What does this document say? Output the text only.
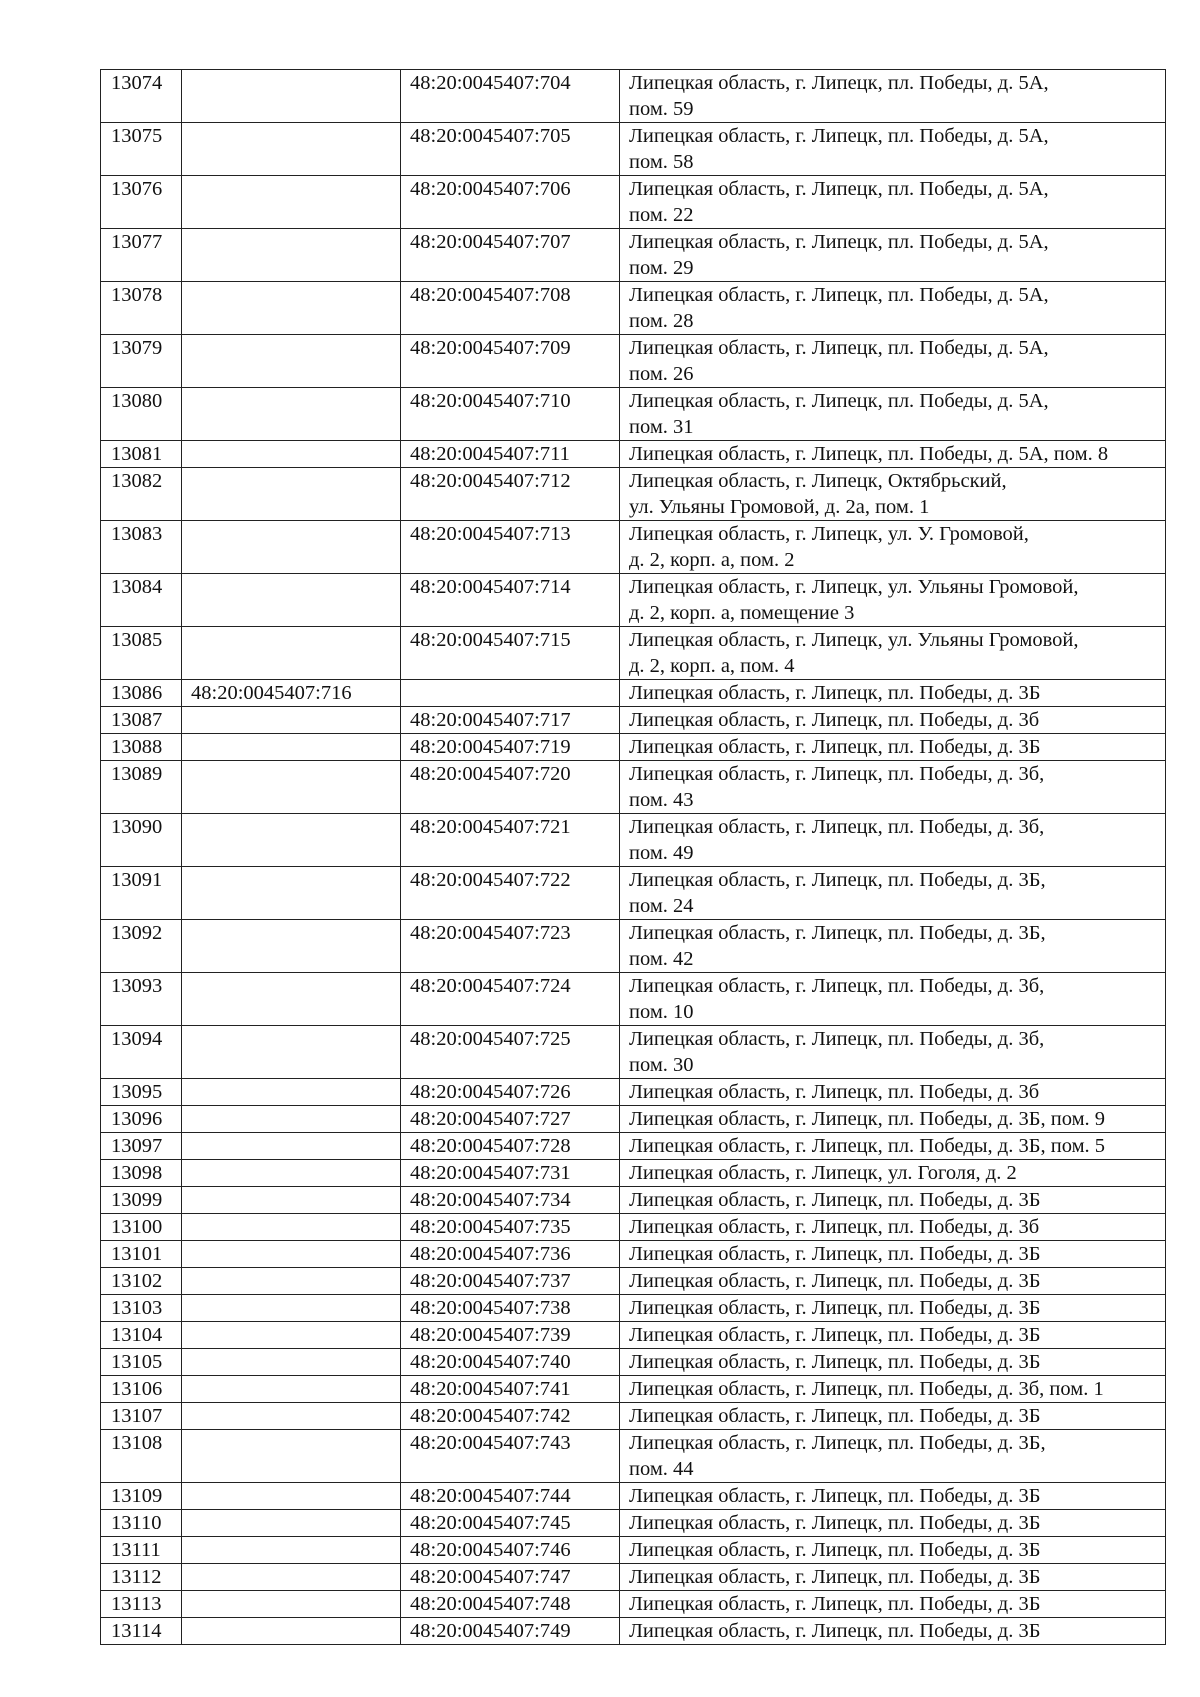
13074		48:20:0045407:704	Липецкая область, г. Липецк, пл. Победы, д. 5А,
пом. 59
13075		48:20:0045407:705	Липецкая область, г. Липецк, пл. Победы, д. 5А,
пом. 58
13076		48:20:0045407:706	Липецкая область, г. Липецк, пл. Победы, д. 5А,
пом. 22
13077		48:20:0045407:707	Липецкая область, г. Липецк, пл. Победы, д. 5А,
пом. 29
13078		48:20:0045407:708	Липецкая область, г. Липецк, пл. Победы, д. 5А,
пом. 28
13079		48:20:0045407:709	Липецкая область, г. Липецк, пл. Победы, д. 5А,
пом. 26
13080		48:20:0045407:710	Липецкая область, г. Липецк, пл. Победы, д. 5А,
пом. 31
13081		48:20:0045407:711	Липецкая область, г. Липецк, пл. Победы, д. 5А, пом. 8
13082		48:20:0045407:712	Липецкая область, г. Липецк, Октябрьский,
ул. Ульяны Громовой, д. 2а, пом. 1
13083		48:20:0045407:713	Липецкая область, г. Липецк, ул. У. Громовой,
д. 2, корп. а, пом. 2
13084		48:20:0045407:714	Липецкая область, г. Липецк, ул. Ульяны Громовой,
д. 2, корп. а, помещение 3
13085		48:20:0045407:715	Липецкая область, г. Липецк, ул. Ульяны Громовой,
д. 2, корп. а, пом. 4
13086	48:20:0045407:716		Липецкая область, г. Липецк, пл. Победы, д. 3Б
13087		48:20:0045407:717	Липецкая область, г. Липецк, пл. Победы, д. 3б
13088		48:20:0045407:719	Липецкая область, г. Липецк, пл. Победы, д. 3Б
13089		48:20:0045407:720	Липецкая область, г. Липецк, пл. Победы, д. 3б,
пом. 43
13090		48:20:0045407:721	Липецкая область, г. Липецк, пл. Победы, д. 3б,
пом. 49
13091		48:20:0045407:722	Липецкая область, г. Липецк, пл. Победы, д. 3Б,
пом. 24
13092		48:20:0045407:723	Липецкая область, г. Липецк, пл. Победы, д. 3Б,
пом. 42
13093		48:20:0045407:724	Липецкая область, г. Липецк, пл. Победы, д. 3б,
пом. 10
13094		48:20:0045407:725	Липецкая область, г. Липецк, пл. Победы, д. 3б,
пом. 30
13095		48:20:0045407:726	Липецкая область, г. Липецк, пл. Победы, д. 3б
13096		48:20:0045407:727	Липецкая область, г. Липецк, пл. Победы, д. 3Б, пом. 9
13097		48:20:0045407:728	Липецкая область, г. Липецк, пл. Победы, д. 3Б, пом. 5
13098		48:20:0045407:731	Липецкая область, г. Липецк, ул. Гоголя, д. 2
13099		48:20:0045407:734	Липецкая область, г. Липецк, пл. Победы, д. 3Б
13100		48:20:0045407:735	Липецкая область, г. Липецк, пл. Победы, д. 3б
13101		48:20:0045407:736	Липецкая область, г. Липецк, пл. Победы, д. 3Б
13102		48:20:0045407:737	Липецкая область, г. Липецк, пл. Победы, д. 3Б
13103		48:20:0045407:738	Липецкая область, г. Липецк, пл. Победы, д. 3Б
13104		48:20:0045407:739	Липецкая область, г. Липецк, пл. Победы, д. 3Б
13105		48:20:0045407:740	Липецкая область, г. Липецк, пл. Победы, д. 3Б
13106		48:20:0045407:741	Липецкая область, г. Липецк, пл. Победы, д. 3б, пом. 1
13107		48:20:0045407:742	Липецкая область, г. Липецк, пл. Победы, д. 3Б
13108		48:20:0045407:743	Липецкая область, г. Липецк, пл. Победы, д. 3Б,
пом. 44
13109		48:20:0045407:744	Липецкая область, г. Липецк, пл. Победы, д. 3Б
13110		48:20:0045407:745	Липецкая область, г. Липецк, пл. Победы, д. 3Б
13111		48:20:0045407:746	Липецкая область, г. Липецк, пл. Победы, д. 3Б
13112		48:20:0045407:747	Липецкая область, г. Липецк, пл. Победы, д. 3Б
13113		48:20:0045407:748	Липецкая область, г. Липецк, пл. Победы, д. 3Б
13114		48:20:0045407:749	Липецкая область, г. Липецк, пл. Победы, д. 3Б
